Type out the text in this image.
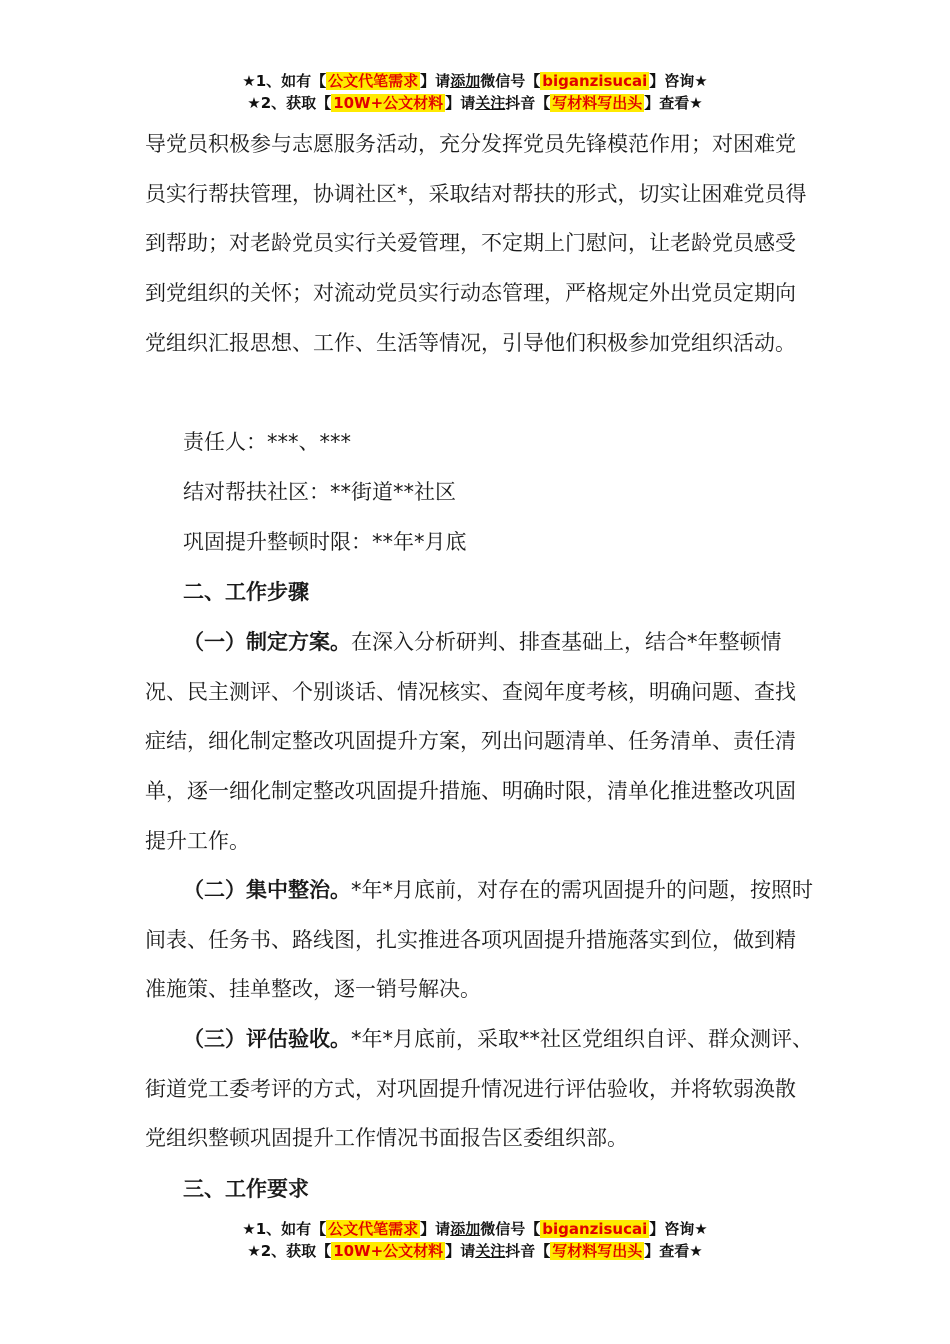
★1、如有【 公文代笔需求 】请添加微信号【 biganzisucai 】咨询★
★2、获取【 10W+公文材料 】请关注抖音【 写材料写出头 】查看★

导党员积极参与志愿服务活动，充分发挥党员先锋模范作用；对困难党员实行帮扶管理，协调社区*，采取结对帮扶的形式，切实让困难党员得到帮助；对老龄党员实行关爱管理，不定期上门慰问，让老龄党员感受到党组织的关怀；对流动党员实行动态管理，严格规定外出党员定期向党组织汇报思想、工作、生活等情况，引导他们积极参加党组织活动。

责任人：***、***
结对帮扶社区：**街道**社区
巩固提升整顿时限：**年*月底
二、工作步骤
（一）制定方案。在深入分析研判、排查基础上，结合*年整顿情况、民主测评、个别谈话、情况核实、查阅年度考核，明确问题、查找症结，细化制定整改巩固提升方案，列出问题清单、任务清单、责任清单，逐一细化制定整改巩固提升措施、明确时限，清单化推进整改巩固提升工作。
（二）集中整治。*年*月底前，对存在的需巩固提升的问题，按照时间表、任务书、路线图，扎实推进各项巩固提升措施落实到位，做到精准施策、挂单整改，逐一销号解决。
（三）评估验收。*年*月底前，采取**社区党组织自评、群众测评、街道党工委考评的方式，对巩固提升情况进行评估验收，并将软弱涣散党组织整顿巩固提升工作情况书面报告区委组织部。
三、工作要求
★1、如有【 公文代笔需求 】请添加微信号【 biganzisucai 】咨询★
★2、获取【 10W+公文材料 】请关注抖音【 写材料写出头 】查看★
